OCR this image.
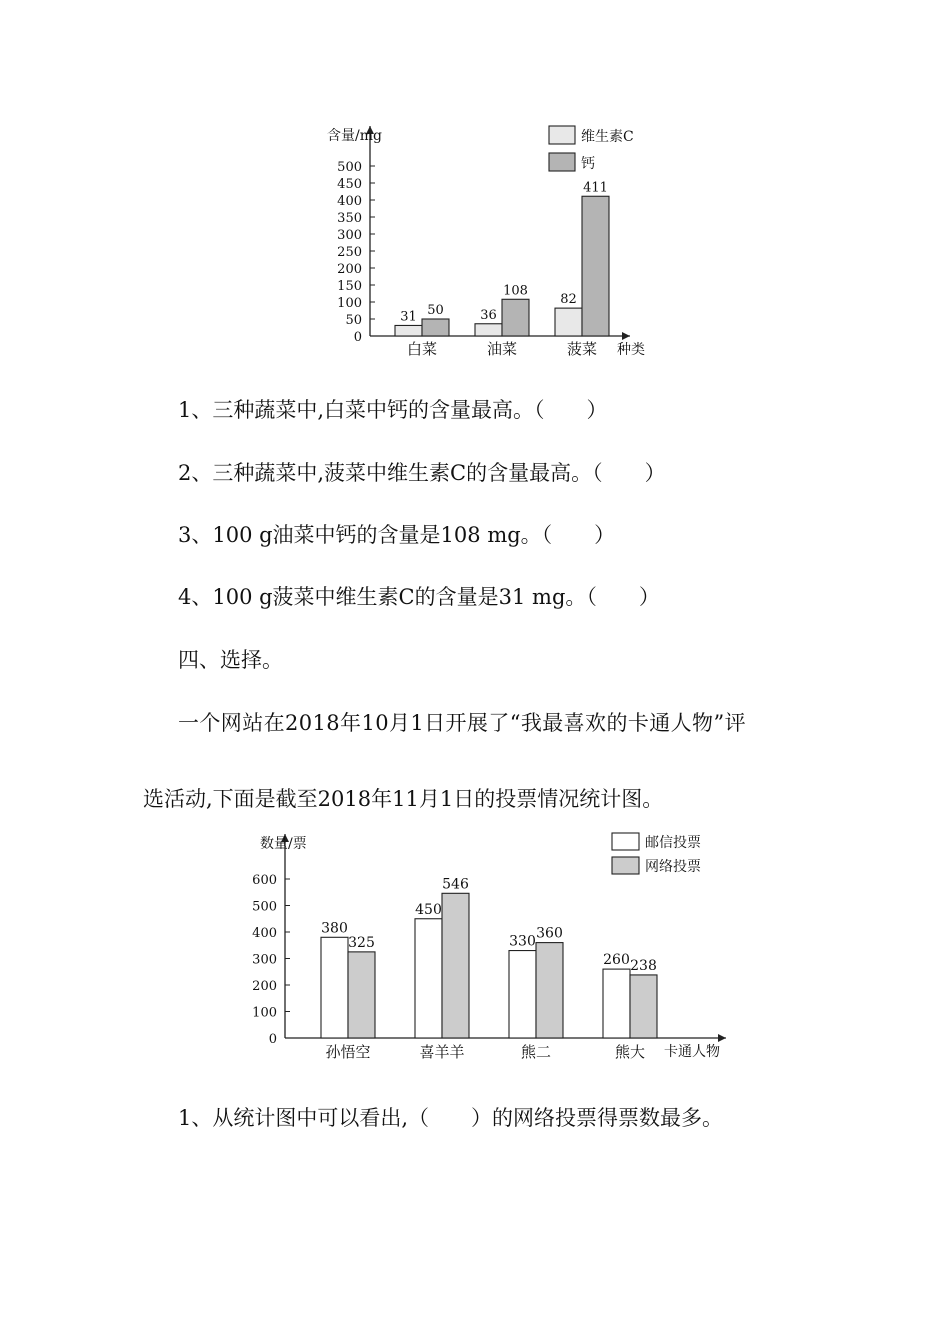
0
50
100
150
200
250
300
350
400
450
500
含量/mg
种类
31 50
白菜
36
108
油菜
82
411
菠菜
维生素C
钙
1、三种蔬菜中,白菜中钙的含量最高。（　　）
2、三种蔬菜中,菠菜中维生素C的含量最高。（　　）
3、100 g油菜中钙的含量是108 mg。（　　）
4、100 g菠菜中维生素C的含量是31 mg。（　　）
四、选择。
一个网站在2018年10月1日开展了“我最喜欢的卡通人物”评
选活动,下面是截至2018年11月1日的投票情况统计图。
0
100
200
300
400
500
600
数量/票
卡通人物
380
325
孙悟空
450
546
喜羊羊
330 360
熊二
260 238
熊大
邮信投票
网络投票
1、从统计图中可以看出,（　　）的网络投票得票数最多。
